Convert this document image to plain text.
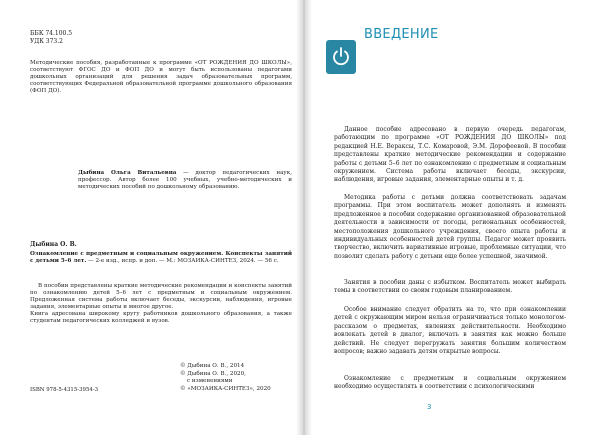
ББК 74.100.5
УДК 373.2
Методические пособия, разработанные к программе «ОТ РОЖДЕНИЯ ДО ШКОЛЫ», соответствуют ФГОС ДО и ФОП ДО и могут быть использованы педагогами дошкольных организаций для решения задач образовательных программ, соответствующих Федеральной образовательной программе дошкольного образования (ФОП ДО).
Дыбина Ольга Витальевна — доктор педагогических наук, профессор. Автор более 100 учебных, учебно-методических и методических пособий по дошкольному образованию.
Дыбина О. В.
Ознакомление с предметным и социальным окружением. Конспекты занятий с детьми 5–6 лет. — 2-е изд., испр. и доп. — М.: МОЗАИКА-СИНТЕЗ, 2024. — 56 с.
В пособии представлены краткие методические рекомендации и конспекты занятий по ознакомлению детей 5–6 лет с предметным и социальным окружением. Предложенная система работы включает беседы, экскурсии, наблюдения, игровые задания, элементарные опыты и многое другое.
Книга адресована широкому кругу работников дошкольного образования, а также студентам педагогических колледжей и вузов.
© Дыбина О. В., 2014
© Дыбина О. В., 2020,
с изменениями
© «МОЗАИКА-СИНТЕЗ», 2020
ISBN 978-5-4315-3954-3
ВВЕДЕНИЕ
Данное пособие адресовано в первую очередь педагогам, работающим по программе «ОТ РОЖДЕНИЯ ДО ШКОЛЫ» под редакцией Н.Е. Вераксы, Т.С. Комаровой, Э.М. Дорофеевой. В пособии представлены краткие методические рекомендации и содержание работы с детьми 5–6 лет по ознакомлению с предметным и социальным окружением. Система работы включает беседы, экскурсии, наблюдения, игровые задания, элементарные опыты и т. д.
Методика работы с детьми должна соответствовать задачам программы. При этом воспитатель может дополнять и изменять предложенное в пособии содержание организованной образовательной деятельности в зависимости от погоды, региональных особенностей, местоположения дошкольного учреждения, своего опыта работы и индивидуальных особенностей детей группы. Педагог может проявить творчество, включить вариативные игровые, проблемные ситуации, что позволит сделать работу с детьми еще более успешной, значимой.
Занятия в пособии даны с избытком. Воспитатель может выбирать темы в соответствии со своим годовым планированием.
Особое внимание следует обратить на то, что при ознакомлении детей с окружающим миром нельзя ограничиваться только монологом-рассказом о предметах, явлениях действительности. Необходимо вовлекать детей в диалог, включать в занятия как можно больше действий. Не следует перегружать занятия большим количеством вопросов; важно задавать детям открытые вопросы.
Ознакомление с предметным и социальным окружением необходимо осуществлять в соответствии с психологическими
3
